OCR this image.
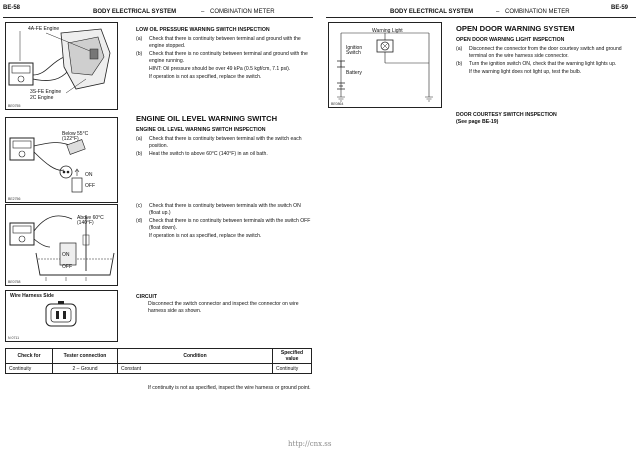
BE-58
BODY ELECTRICAL SYSTEM	– COMBINATION METER
4A-FE Engine
3S-FE Engine
2C Engine
BE0755
LOW OIL PRESSURE WARNING SWITCH INSPECTION
(a)	Check that there is continuity between terminal and ground with the engine stopped.
(b)	Check that there is no continuity between terminal and ground with the engine running.
HINT: Oil pressure should be over 49 kPa (0.5 kgf/cm, 7.1 psi).
If operation is not as specified, replace the switch.
Below 55°C
(122°F)
ON
OFF
BE2756
ENGINE OIL LEVEL WARNING SWITCH
ENGINE OIL LEVEL WARNING SWITCH INSPECTION
(a)	Check that there is continuity between terminal with the switch each position.
(b)	Heat the switch to above 60°C (140°F) in an oil bath.
Above 60°C
(140°F)
ON
OFF
BE0758
(c)	Check that there is continuity between terminals with the switch ON (float up.)
(d)	Check that there is no continuity between terminals with the switch OFF (float down).
If operation is not as specified, replace the switch.
Wire Harness Side
N 0711
CIRCUIT
Disconnect the switch connector and inspect the connector on wire harness side as shown.
Check for	Tester connection	Condition	Specified value
Continuity	2 – Ground	Constant	Continuity
If continuity is not as specified, inspect the wire harness or ground point.
BODY ELECTRICAL SYSTEM	– COMBINATION METER
BE-59
Warning Light
Ignition
Switch
Battery
BE0864
OPEN DOOR WARNING SYSTEM
OPEN DOOR WARNING LIGHT INSPECTION
(a)	Disconnect the connector from the door courtesy switch and ground terminal on the wire harness side connector.
(b)	Turn the ignition switch ON, check that the warning light lights up.
If the warning light does not light up, test the bulb.
DOOR COURTESY SWITCH INSPECTION
(See page BE-19)
http://cnx.ss
